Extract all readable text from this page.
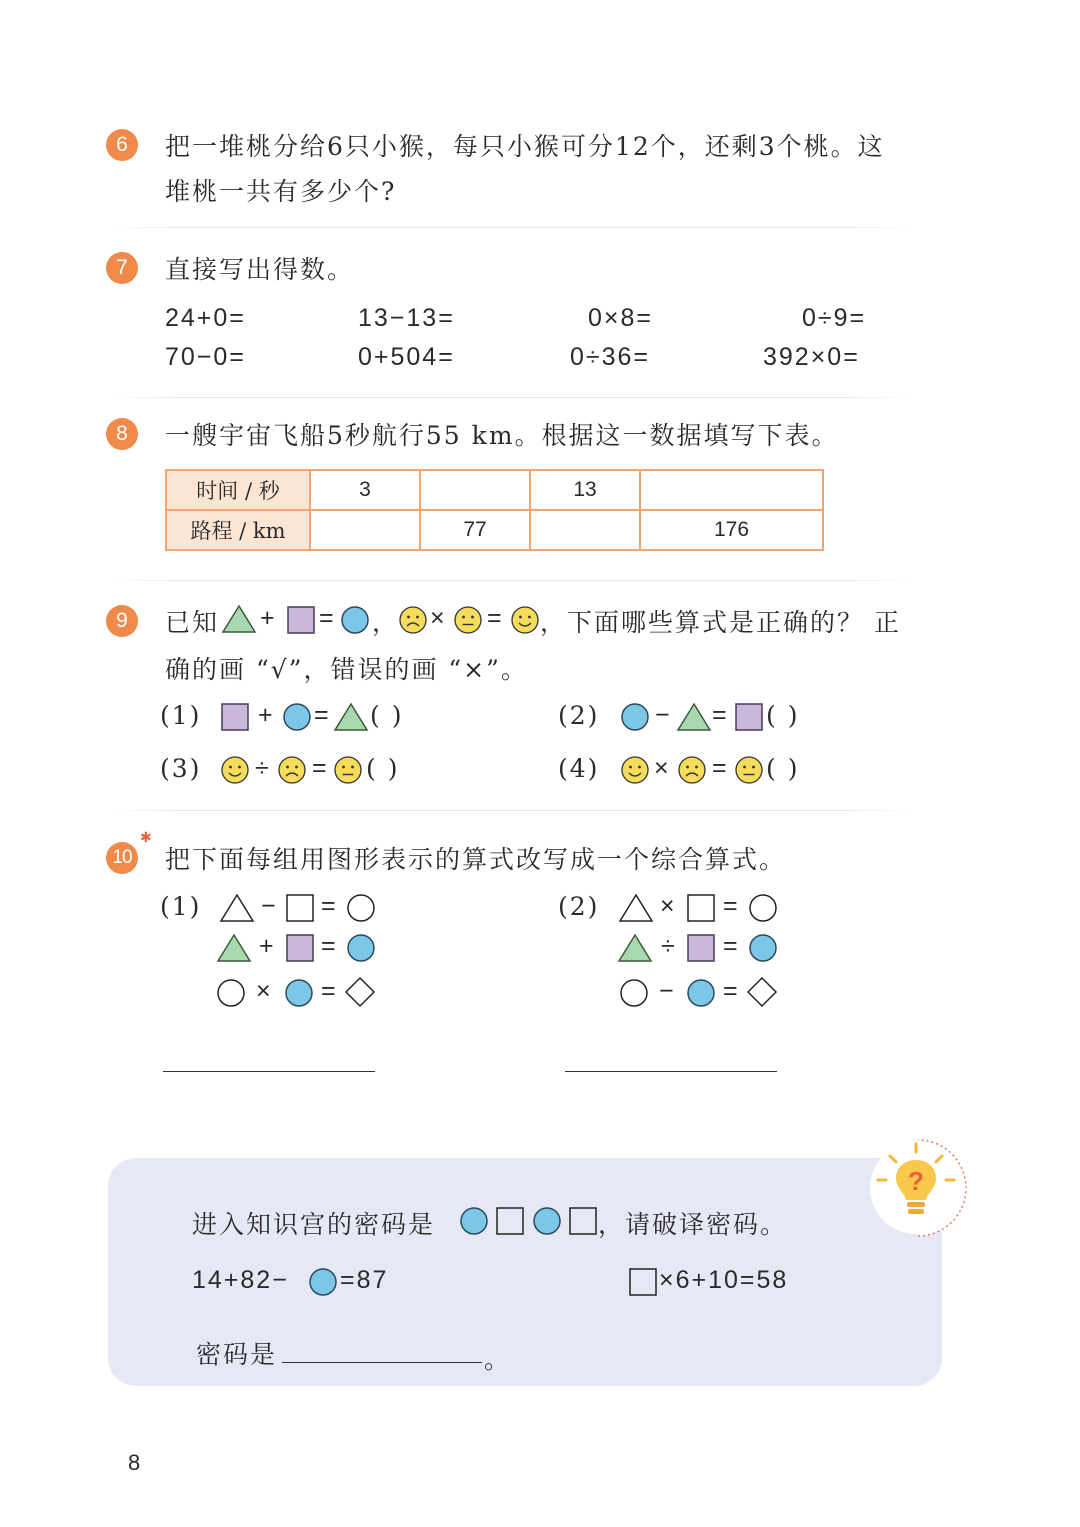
6	把一堆桃分给6只小猴，每只小猴可分12个，还剩3个桃。这
堆桃一共有多少个?
7	直接写出得数。
24+0=	13−13=	0×8=	0÷9=
70−0=	0+504=	0÷36=	392×0=
8	一艘宇宙飞船5秒航行55 km。根据这一数据填写下表。
时间 / 秒	3		13	
路程 / km		77		176
9	已知 + = ， × = ，下面哪些算式是正确的？ 正
确的画 “√”，错误的画 “×”。
(1) + = ( )	(2) − = ( )
(3) ÷ = ( )	(4) × = ( )
✱
10 把下面每组用图形表示的算式改写成一个综合算式。
(1) − =
+ =
× =
(2) × =
÷ =
− =
?
进入知识宫的密码是	，请破译密码。
14+82− =87	×6+10=58
密码是	。
8
